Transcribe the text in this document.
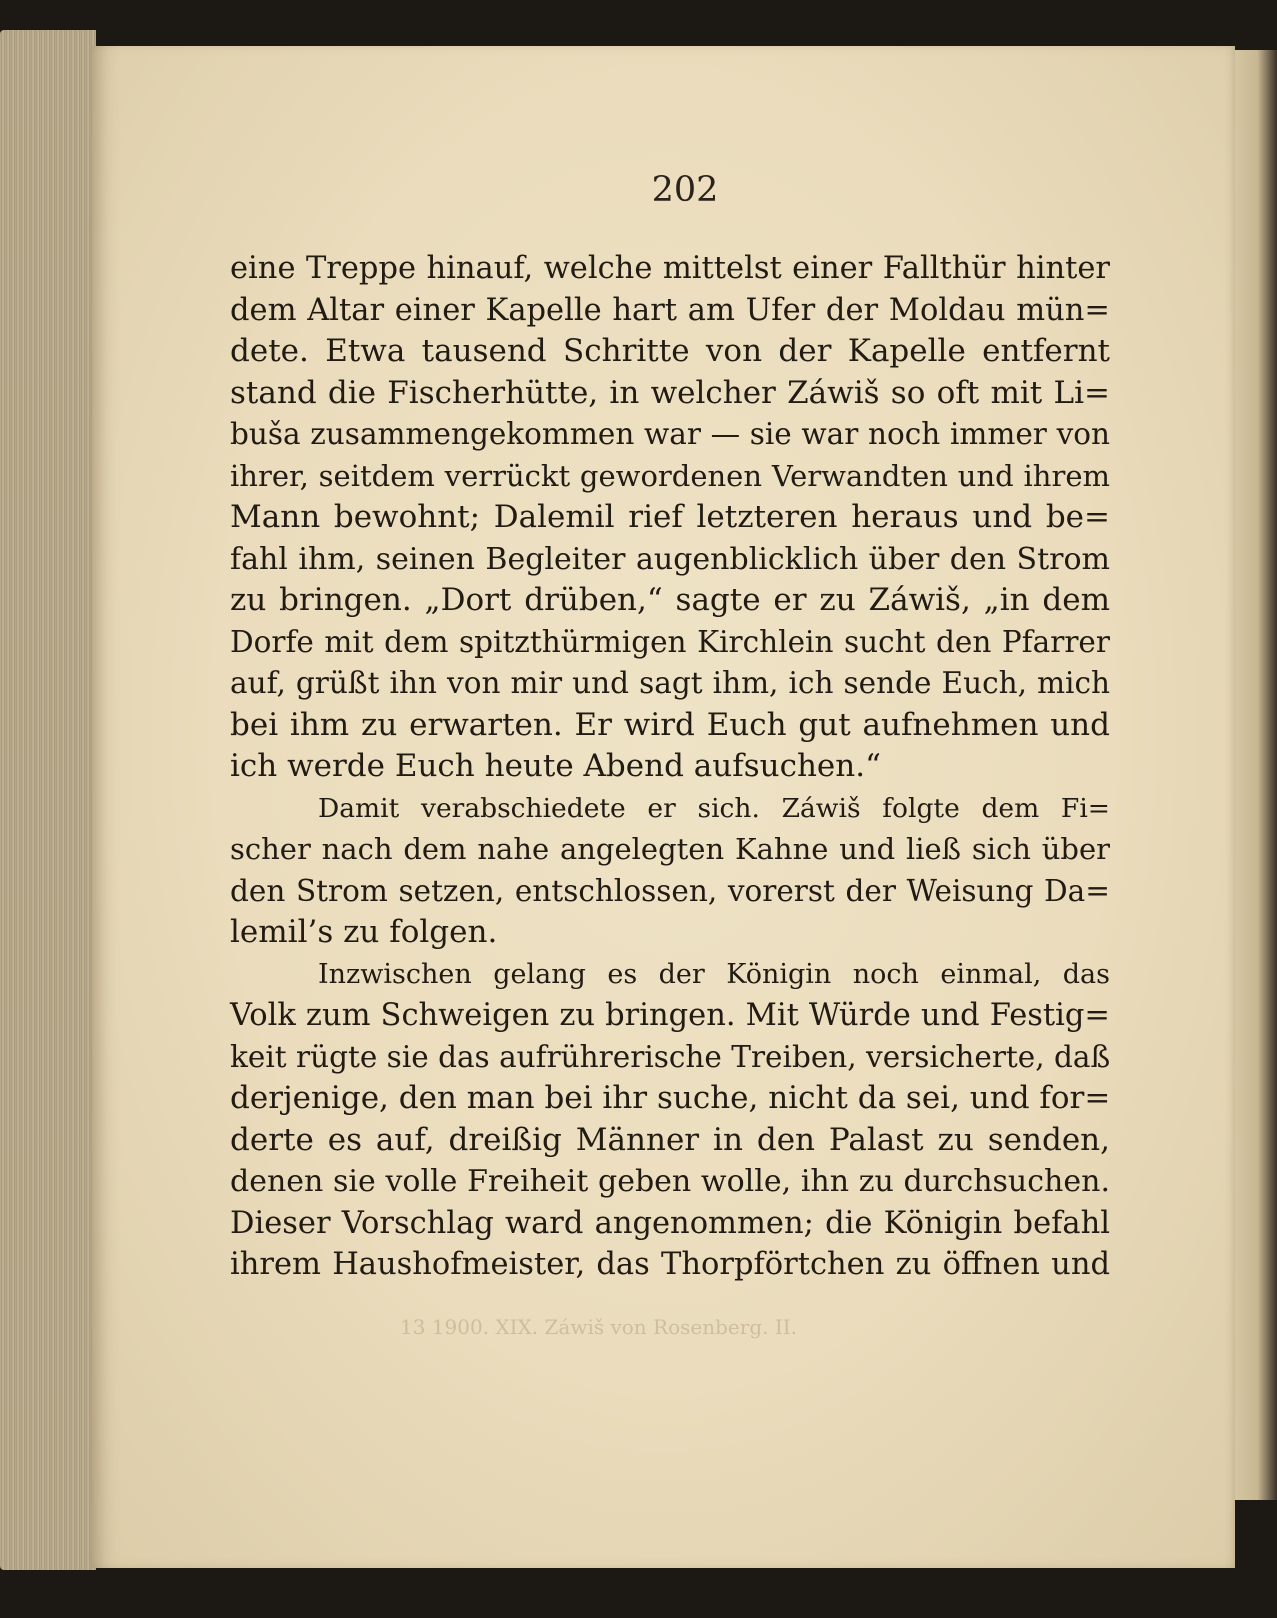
202
eine Treppe hinauf, welche mittelst einer Fallthür hinter
dem Altar einer Kapelle hart am Ufer der Moldau mün=
dete. Etwa tausend Schritte von der Kapelle entfernt
stand die Fischerhütte, in welcher Záwiš so oft mit Li=
buša zusammengekommen war — sie war noch immer von
ihrer, seitdem verrückt gewordenen Verwandten und ihrem
Mann bewohnt; Dalemil rief letzteren heraus und be=
fahl ihm, seinen Begleiter augenblicklich über den Strom
zu bringen. „Dort drüben,“ sagte er zu Záwiš, „in dem
Dorfe mit dem spitzthürmigen Kirchlein sucht den Pfarrer
auf, grüßt ihn von mir und sagt ihm, ich sende Euch, mich
bei ihm zu erwarten. Er wird Euch gut aufnehmen und
ich werde Euch heute Abend aufsuchen.“
Damit verabschiedete er sich. Záwiš folgte dem Fi=
scher nach dem nahe angelegten Kahne und ließ sich über
den Strom setzen, entschlossen, vorerst der Weisung Da=
lemil’s zu folgen.
Inzwischen gelang es der Königin noch einmal, das
Volk zum Schweigen zu bringen. Mit Würde und Festig=
keit rügte sie das aufrührerische Treiben, versicherte, daß
derjenige, den man bei ihr suche, nicht da sei, und for=
derte es auf, dreißig Männer in den Palast zu senden,
denen sie volle Freiheit geben wolle, ihn zu durchsuchen.
Dieser Vorschlag ward angenommen; die Königin befahl
ihrem Haushofmeister, das Thorpförtchen zu öffnen und
13 1900. XIX. Záwiš von Rosenberg. II.
